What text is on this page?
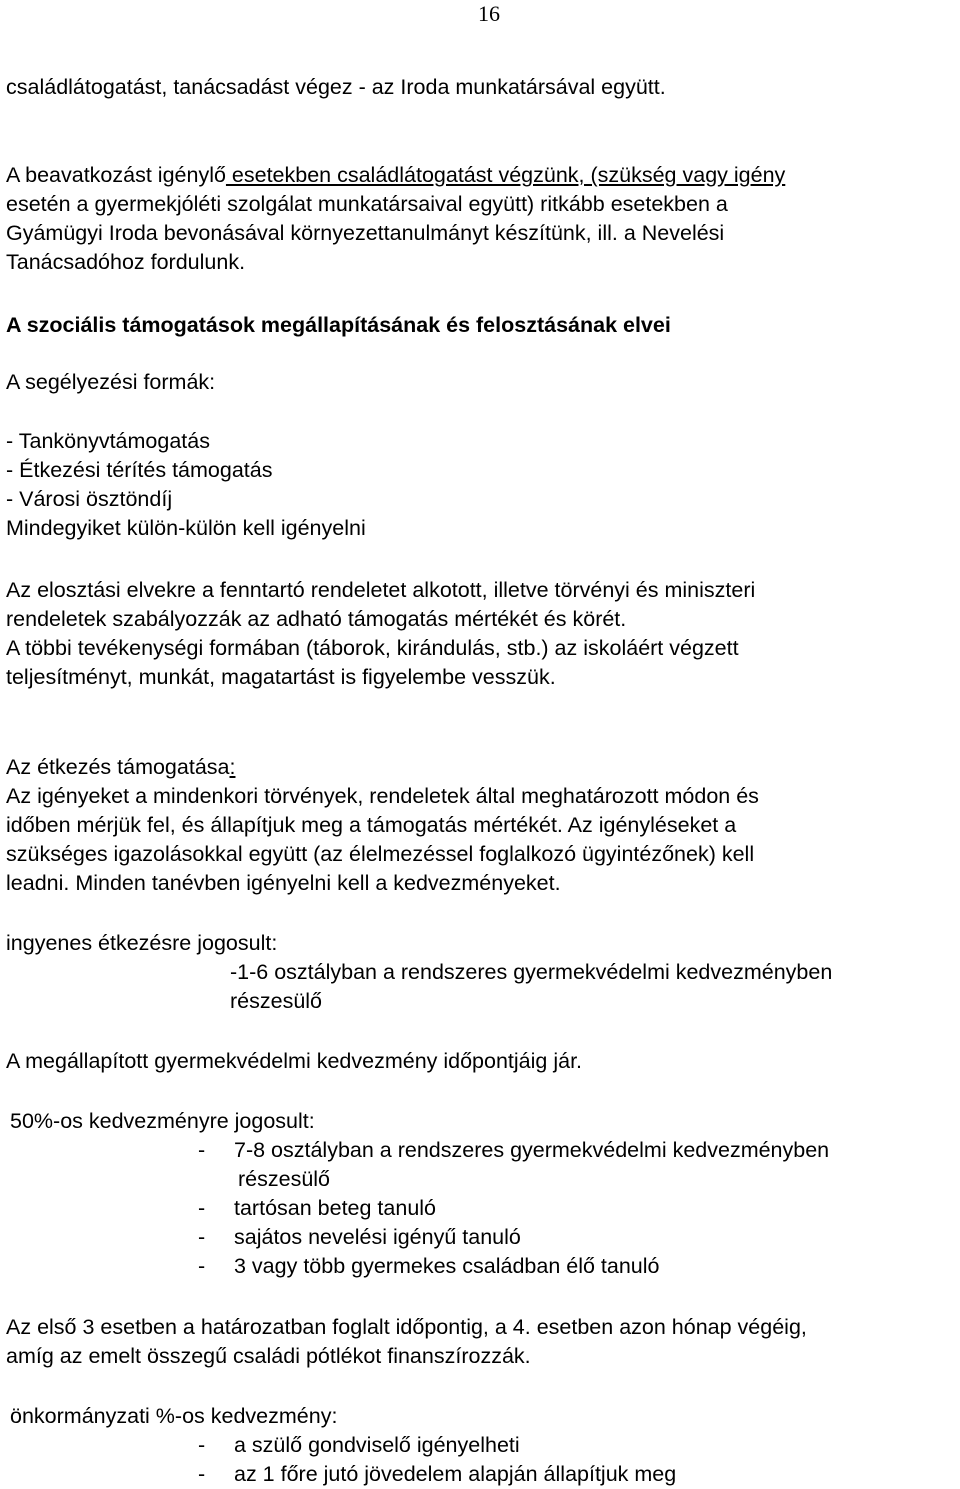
16

családlátogatást, tanácsadást végez - az Iroda munkatársával együtt.

A beavatkozást igénylő esetekben családlátogatást végzünk, (szükség vagy igény
esetén a gyermekjóléti szolgálat munkatársaival együtt) ritkább esetekben a
Gyámügyi Iroda bevonásával környezettanulmányt készítünk, ill. a Nevelési
Tanácsadóhoz fordulunk.

A szociális támogatások megállapításának és felosztásának elvei

A segélyezési formák:

- Tankönyvtámogatás
- Étkezési térítés támogatás
- Városi ösztöndíj
Mindegyiket külön-külön kell igényelni

Az elosztási elvekre a fenntartó rendeletet alkotott, illetve törvényi és miniszteri
rendeletek szabályozzák az adható támogatás mértékét és körét.
A többi tevékenységi formában (táborok, kirándulás, stb.) az iskoláért végzett
teljesítményt, munkát, magatartást is figyelembe vesszük.

Az étkezés támogatása:
Az igényeket a mindenkori törvények, rendeletek által meghatározott módon és
időben mérjük fel, és állapítjuk meg a támogatás mértékét. Az igényléseket a
szükséges igazolásokkal együtt (az élelmezéssel foglalkozó ügyintézőnek) kell
leadni. Minden tanévben igényelni kell a kedvezményeket.

ingyenes étkezésre jogosult:
-1-6 osztályban a rendszeres gyermekvédelmi kedvezményben
részesülő

A megállapított gyermekvédelmi kedvezmény időpontjáig jár.

50%-os kedvezményre jogosult:
- 7-8 osztályban a rendszeres gyermekvédelmi kedvezményben
részesülő
- tartósan beteg tanuló
- sajátos nevelési igényű tanuló
- 3 vagy több gyermekes családban élő tanuló

Az első 3 esetben a határozatban foglalt időpontig, a 4. esetben azon hónap végéig,
amíg az emelt összegű családi pótlékot finanszírozzák.

önkormányzati %-os kedvezmény:
- a szülő gondviselő igényelheti
- az 1 főre jutó jövedelem alapján állapítjuk meg
